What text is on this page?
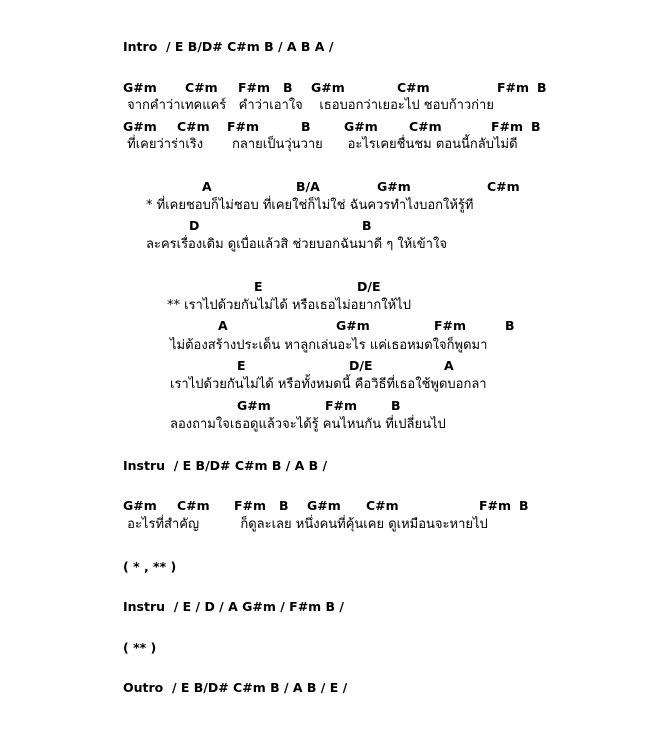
Intro  / E B/D# C#m B / A B A /
G#m C#m F#m B G#m	C#m	F#m B
จากคำว่าเทคแคร์   คำว่าเอาใจ    เธอบอกว่าเยอะไป ชอบก้าวก่าย
G#m C#m F#m	B	G#m C#m	F#m B
ที่เคยว่าร่าเริง       กลายเป็นวุ่นวาย      อะไรเคยชื่นชม ตอนนี้กลับไม่ดี
A	B/A	G#m	C#m
* ที่เคยชอบก็ไม่ชอบ ที่เคยใช่ก็ไม่ใช่ ฉันควรทำไงบอกให้รู้ที
D	B
ละครเรื่องเดิม ดูเบื่อแล้วสิ ช่วยบอกฉันมาดี ๆ ให้เข้าใจ
E	D/E
** เราไปด้วยกันไม่ได้ หรือเธอไม่อยากให้ไป
A	G#m	F#m	B
ไม่ต้องสร้างประเด็น หาลูกเล่นอะไร แค่เธอหมดใจก็พูดมา
E	D/E	A
เราไปด้วยกันไม่ได้ หรือทั้งหมดนี้ คือวิธีที่เธอใช้พูดบอกลา
G#m	F#m	B
ลองถามใจเธอดูแล้วจะได้รู้ คนไหนกัน ที่เปลี่ยนไป
Instru  / E B/D# C#m B / A B /
G#m C#m F#m B G#m C#m	F#m B
อะไรที่สำคัญ          ก็ดูละเลย หนึ่งคนที่คุ้นเคย ดูเหมือนจะหายไป
( * , ** )
Instru  / E / D / A G#m / F#m B /
( ** )
Outro  / E B/D# C#m B / A B / E /
